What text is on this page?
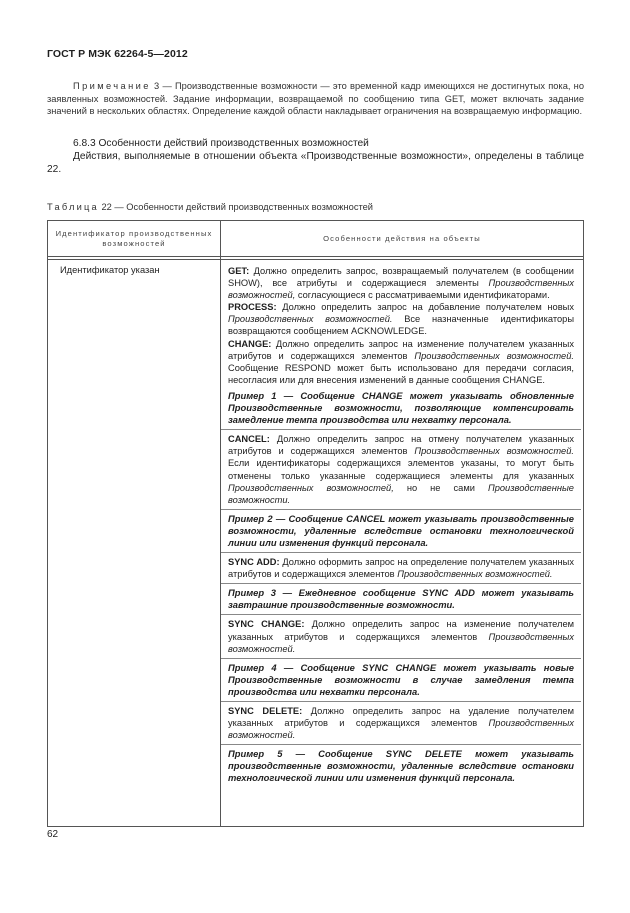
ГОСТ Р МЭК 62264-5—2012
Примечание 3 — Производственные возможности — это временной кадр имеющихся не достигнутых пока, но заявленных возможностей. Задание информации, возвращаемой по сообщению типа GET, может включать задание значений в нескольких областях. Определение каждой области накладывает ограничения на возвращаемую информацию.
6.8.3 Особенности действий производственных возможностей
Действия, выполняемые в отношении объекта «Производственные возможности», определены в таблице 22.
Таблица 22 — Особенности действий производственных возможностей
Идентификатор производственных возможностей
Особенности действия на объекты
Идентификатор указан	GET: Должно определить запрос, возвращаемый получателем (в сообщении SHOW), все атрибуты и содержащиеся элементы Производственных возможностей, согласующиеся с рассматриваемыми идентификаторами.
PROCESS: Должно определить запрос на добавление получателем новых Производственных возможностей. Все назначенные идентификаторы возвращаются сообщением ACKNOWLEDGE.
CHANGE: Должно определить запрос на изменение получателем указанных атрибутов и содержащихся элементов Производственных возможностей. Сообщение RESPOND может быть использовано для передачи согласия, несогласия или для внесения изменений в данные сообщения CHANGE.
Пример 1 — Сообщение CHANGE может указывать обновленные Производственные возможности, позволяющие компенсировать замедление темпа производства или нехватку персонала.
CANCEL: Должно определить запрос на отмену получателем указанных атрибутов и содержащихся элементов Производственных возможностей. Если идентификаторы содержащихся элементов указаны, то могут быть отменены только указанные содержащиеся элементы для указанных Производственных возможностей, но не сами Производственные возможности.
Пример 2 — Сообщение CANCEL может указывать производственные возможности, удаленные вследствие остановки технологической линии или изменения функций персонала.
SYNC ADD: Должно оформить запрос на определение получателем указанных атрибутов и содержащихся элементов Производственных возможностей.
Пример 3 — Ежедневное сообщение SYNC ADD может указывать завтрашние производственные возможности.
SYNC CHANGE: Должно определить запрос на изменение получателем указанных атрибутов и содержащихся элементов Производственных возможностей.
Пример 4 — Сообщение SYNC CHANGE может указывать новые Производственные возможности в случае замедления темпа производства или нехватки персонала.
SYNC DELETE: Должно определить запрос на удаление получателем указанных атрибутов и содержащихся элементов Производственных возможностей.
Пример 5 — Сообщение SYNC DELETE может указывать производственные возможности, удаленные вследствие остановки технологической линии или изменения функций персонала.
62
